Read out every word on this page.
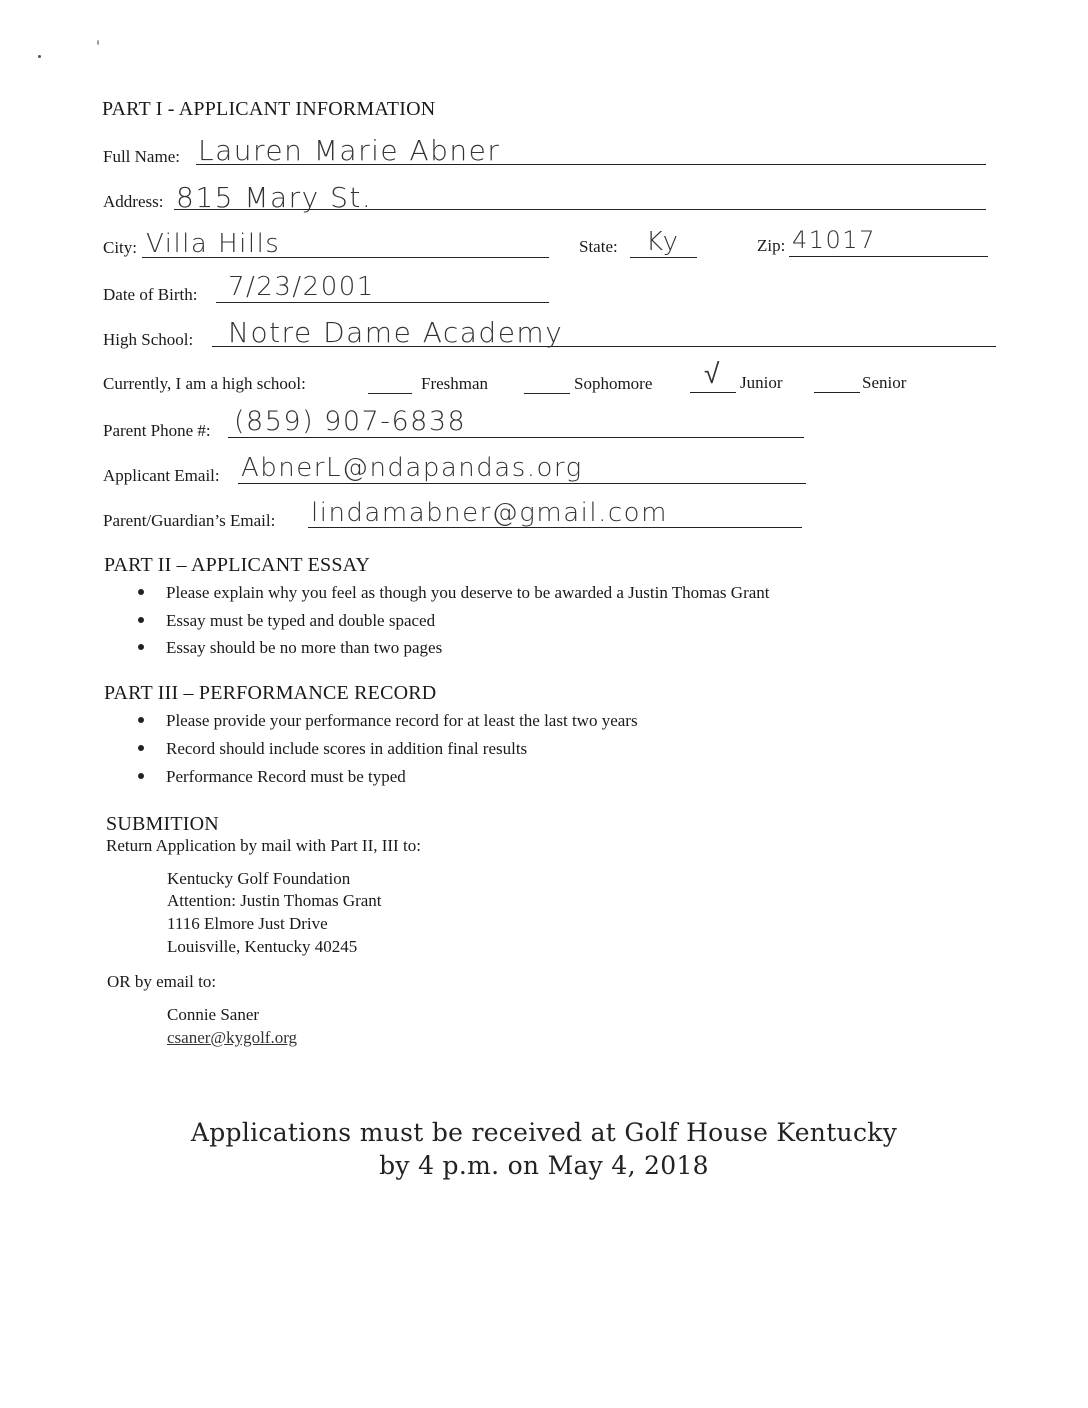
PART I - APPLICANT INFORMATION
Full Name: Lauren Marie Abner
Address: 815 Mary St.
City: Villa Hills	State: Ky	Zip: 41017
Date of Birth: 7/23/2001
High School: Notre Dame Academy
Currently, I am a high school:	Freshman	Sophomore √ Junior	Senior
Parent Phone #: (859) 907-6838
Applicant Email: AbnerL@ndapandas.org
Parent/Guardian’s Email: lindamabner@gmail.com
PART II – APPLICANT ESSAY
Please explain why you feel as though you deserve to be awarded a Justin Thomas Grant
Essay must be typed and double spaced
Essay should be no more than two pages
PART III – PERFORMANCE RECORD
Please provide your performance record for at least the last two years
Record should include scores in addition final results
Performance Record must be typed
SUBMITION
Return Application by mail with Part II, III to:
Kentucky Golf Foundation
Attention: Justin Thomas Grant
1116 Elmore Just Drive
Louisville, Kentucky 40245
OR by email to:
Connie Saner
csaner@kygolf.org
Applications must be received at Golf House Kentucky
by 4 p.m. on May 4, 2018
